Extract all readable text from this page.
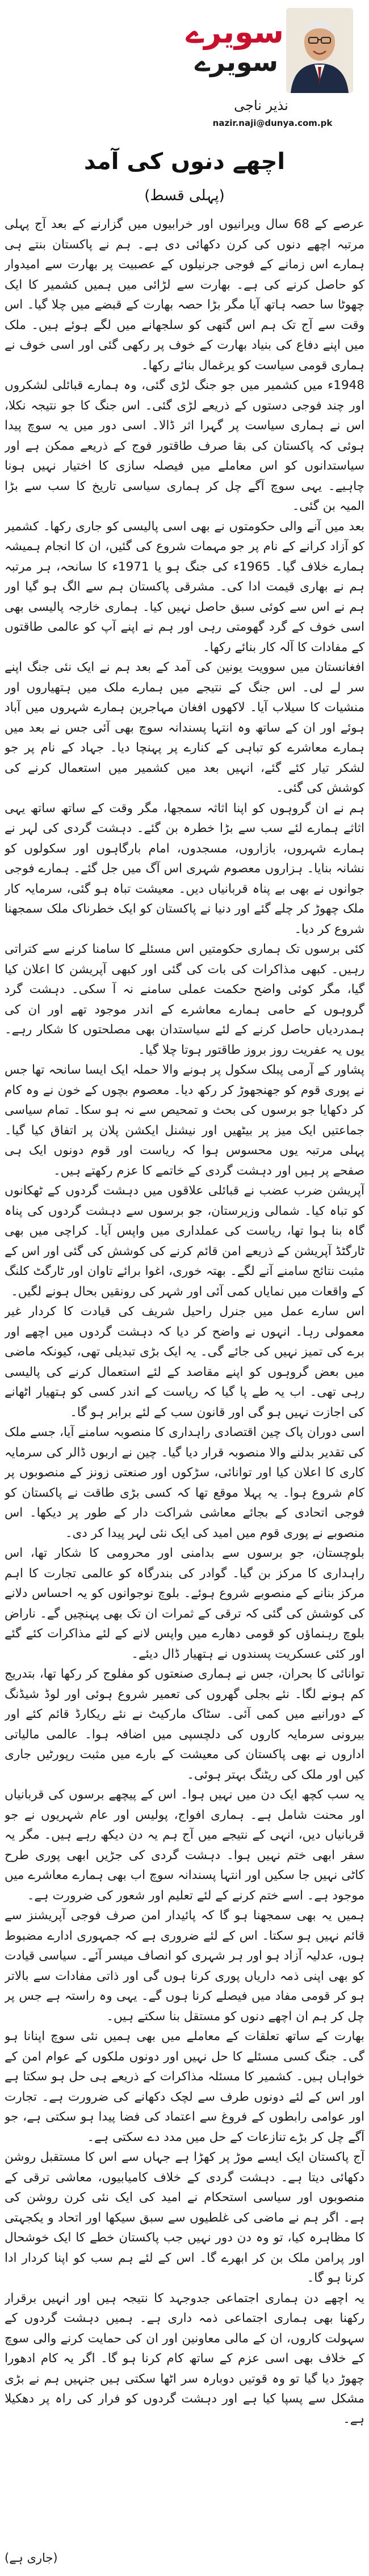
سویرے
سویرے
نذیر ناجی
nazir.naji@dunya.com.pk
اچھے دنوں کی آمد
(پہلی قسط)

عرصے کے 68 سال ویرانیوں اور خرابیوں میں گزارنے کے بعد آج پہلی مرتبہ اچھے دنوں کی کرن دکھائی دی ہے۔ ہم نے پاکستان بنتے ہی ہمارے اس زمانے کے فوجی جرنیلوں کے عصبیت پر بھارت سے امیدوار کو حاصل کرنے کی ہے۔ بھارت سے لڑائی میں ہمیں کشمیر کا ایک چھوٹا سا حصہ ہاتھ آیا مگر بڑا حصہ بھارت کے قبضے میں چلا گیا۔ اس وقت سے آج تک ہم اس گتھی کو سلجھانے میں لگے ہوئے ہیں۔ ملک میں اپنے دفاع کی بنیاد بھارت کے خوف پر رکھی گئی اور اسی خوف نے ہماری قومی سیاست کو یرغمال بنائے رکھا۔

1948ء میں کشمیر میں جو جنگ لڑی گئی، وہ ہمارے قبائلی لشکروں اور چند فوجی دستوں کے ذریعے لڑی گئی۔ اس جنگ کا جو نتیجہ نکلا، اس نے ہماری سیاست پر گہرا اثر ڈالا۔ اسی دور میں یہ سوچ پیدا ہوئی کہ پاکستان کی بقا صرف طاقتور فوج کے ذریعے ممکن ہے اور سیاستدانوں کو اس معاملے میں فیصلہ سازی کا اختیار نہیں ہونا چاہیے۔ یہی سوچ آگے چل کر ہماری سیاسی تاریخ کا سب سے بڑا المیہ بن گئی۔

بعد میں آنے والی حکومتوں نے بھی اسی پالیسی کو جاری رکھا۔ کشمیر کو آزاد کرانے کے نام پر جو مہمات شروع کی گئیں، ان کا انجام ہمیشہ ہمارے خلاف گیا۔ 1965ء کی جنگ ہو یا 1971ء کا سانحہ، ہر مرتبہ ہم نے بھاری قیمت ادا کی۔ مشرقی پاکستان ہم سے الگ ہو گیا اور ہم نے اس سے کوئی سبق حاصل نہیں کیا۔ ہماری خارجہ پالیسی بھی اسی خوف کے گرد گھومتی رہی اور ہم نے اپنے آپ کو عالمی طاقتوں کے مفادات کا آلہ کار بنائے رکھا۔

افغانستان میں سوویت یونین کی آمد کے بعد ہم نے ایک نئی جنگ اپنے سر لے لی۔ اس جنگ کے نتیجے میں ہمارے ملک میں ہتھیاروں اور منشیات کا سیلاب آیا۔ لاکھوں افغان مہاجرین ہمارے شہروں میں آباد ہوئے اور ان کے ساتھ وہ انتہا پسندانہ سوچ بھی آئی جس نے بعد میں ہمارے معاشرے کو تباہی کے کنارے پر پہنچا دیا۔ جہاد کے نام پر جو لشکر تیار کئے گئے، انہیں بعد میں کشمیر میں استعمال کرنے کی کوشش کی گئی۔

ہم نے ان گروہوں کو اپنا اثاثہ سمجھا، مگر وقت کے ساتھ ساتھ یہی اثاثے ہمارے لئے سب سے بڑا خطرہ بن گئے۔ دہشت گردی کی لہر نے ہمارے شہروں، بازاروں، مسجدوں، امام بارگاہوں اور سکولوں کو نشانہ بنایا۔ ہزاروں معصوم شہری اس آگ میں جل گئے۔ ہمارے فوجی جوانوں نے بھی بے پناہ قربانیاں دیں۔ معیشت تباہ ہو گئی، سرمایہ کار ملک چھوڑ کر چلے گئے اور دنیا نے پاکستان کو ایک خطرناک ملک سمجھنا شروع کر دیا۔

کئی برسوں تک ہماری حکومتیں اس مسئلے کا سامنا کرنے سے کتراتی رہیں۔ کبھی مذاکرات کی بات کی گئی اور کبھی آپریشن کا اعلان کیا گیا، مگر کوئی واضح حکمت عملی سامنے نہ آ سکی۔ دہشت گرد گروہوں کے حامی ہمارے معاشرے کے اندر موجود تھے اور ان کی ہمدردیاں حاصل کرنے کے لئے سیاستدان بھی مصلحتوں کا شکار رہے۔ یوں یہ عفریت روز بروز طاقتور ہوتا چلا گیا۔

پشاور کے آرمی پبلک سکول پر ہونے والا حملہ ایک ایسا سانحہ تھا جس نے پوری قوم کو جھنجھوڑ کر رکھ دیا۔ معصوم بچوں کے خون نے وہ کام کر دکھایا جو برسوں کی بحث و تمحیص سے نہ ہو سکا۔ تمام سیاسی جماعتیں ایک میز پر بیٹھیں اور نیشنل ایکشن پلان پر اتفاق کیا گیا۔ پہلی مرتبہ یوں محسوس ہوا کہ ریاست اور قوم دونوں ایک ہی صفحے پر ہیں اور دہشت گردی کے خاتمے کا عزم رکھتے ہیں۔

آپریشن ضرب عضب نے قبائلی علاقوں میں دہشت گردوں کے ٹھکانوں کو تباہ کیا۔ شمالی وزیرستان، جو برسوں سے دہشت گردوں کی پناہ گاہ بنا ہوا تھا، ریاست کی عملداری میں واپس آیا۔ کراچی میں بھی ٹارگٹڈ آپریشن کے ذریعے امن قائم کرنے کی کوشش کی گئی اور اس کے مثبت نتائج سامنے آنے لگے۔ بھتہ خوری، اغوا برائے تاوان اور ٹارگٹ کلنگ کے واقعات میں نمایاں کمی آئی اور شہر کی رونقیں بحال ہونے لگیں۔

اس سارے عمل میں جنرل راحیل شریف کی قیادت کا کردار غیر معمولی رہا۔ انہوں نے واضح کر دیا کہ دہشت گردوں میں اچھے اور برے کی تمیز نہیں کی جائے گی۔ یہ ایک بڑی تبدیلی تھی، کیونکہ ماضی میں بعض گروہوں کو اپنے مقاصد کے لئے استعمال کرنے کی پالیسی رہی تھی۔ اب یہ طے پا گیا کہ ریاست کے اندر کسی کو ہتھیار اٹھانے کی اجازت نہیں ہو گی اور قانون سب کے لئے برابر ہو گا۔

اسی دوران پاک چین اقتصادی راہداری کا منصوبہ سامنے آیا، جسے ملک کی تقدیر بدلنے والا منصوبہ قرار دیا گیا۔ چین نے اربوں ڈالر کی سرمایہ کاری کا اعلان کیا اور توانائی، سڑکوں اور صنعتی زونز کے منصوبوں پر کام شروع ہوا۔ یہ پہلا موقع تھا کہ کسی بڑی طاقت نے پاکستان کو فوجی اتحادی کے بجائے معاشی شراکت دار کے طور پر دیکھا۔ اس منصوبے نے پوری قوم میں امید کی ایک نئی لہر پیدا کر دی۔

بلوچستان، جو برسوں سے بدامنی اور محرومی کا شکار تھا، اس راہداری کا مرکز بن گیا۔ گوادر کی بندرگاہ کو عالمی تجارت کا اہم مرکز بنانے کے منصوبے شروع ہوئے۔ بلوچ نوجوانوں کو یہ احساس دلانے کی کوشش کی گئی کہ ترقی کے ثمرات ان تک بھی پہنچیں گے۔ ناراض بلوچ رہنماؤں کو قومی دھارے میں واپس لانے کے لئے مذاکرات کئے گئے اور کئی عسکریت پسندوں نے ہتھیار ڈال دیئے۔

توانائی کا بحران، جس نے ہماری صنعتوں کو مفلوج کر رکھا تھا، بتدریج کم ہونے لگا۔ نئے بجلی گھروں کی تعمیر شروع ہوئی اور لوڈ شیڈنگ کے دورانیے میں کمی آئی۔ سٹاک مارکیٹ نے نئے ریکارڈ قائم کئے اور بیرونی سرمایہ کاروں کی دلچسپی میں اضافہ ہوا۔ عالمی مالیاتی اداروں نے بھی پاکستان کی معیشت کے بارے میں مثبت رپورٹیں جاری کیں اور ملک کی ریٹنگ بہتر ہوئی۔

یہ سب کچھ ایک دن میں نہیں ہوا۔ اس کے پیچھے برسوں کی قربانیاں اور محنت شامل ہے۔ ہماری افواج، پولیس اور عام شہریوں نے جو قربانیاں دیں، انہی کے نتیجے میں آج ہم یہ دن دیکھ رہے ہیں۔ مگر یہ سفر ابھی ختم نہیں ہوا۔ دہشت گردی کی جڑیں ابھی پوری طرح کاٹی نہیں جا سکیں اور انتہا پسندانہ سوچ اب بھی ہمارے معاشرے میں موجود ہے۔ اسے ختم کرنے کے لئے تعلیم اور شعور کی ضرورت ہے۔

ہمیں یہ بھی سمجھنا ہو گا کہ پائیدار امن صرف فوجی آپریشنز سے قائم نہیں ہو سکتا۔ اس کے لئے ضروری ہے کہ جمہوری ادارے مضبوط ہوں، عدلیہ آزاد ہو اور ہر شہری کو انصاف میسر آئے۔ سیاسی قیادت کو بھی اپنی ذمہ داریاں پوری کرنا ہوں گی اور ذاتی مفادات سے بالاتر ہو کر قومی مفاد میں فیصلے کرنا ہوں گے۔ یہی وہ راستہ ہے جس پر چل کر ہم ان اچھے دنوں کو مستقل بنا سکتے ہیں۔

بھارت کے ساتھ تعلقات کے معاملے میں بھی ہمیں نئی سوچ اپنانا ہو گی۔ جنگ کسی مسئلے کا حل نہیں اور دونوں ملکوں کے عوام امن کے خواہاں ہیں۔ کشمیر کا مسئلہ مذاکرات کے ذریعے ہی حل ہو سکتا ہے اور اس کے لئے دونوں طرف سے لچک دکھانے کی ضرورت ہے۔ تجارت اور عوامی رابطوں کے فروغ سے اعتماد کی فضا پیدا ہو سکتی ہے، جو آگے چل کر بڑے تنازعات کے حل میں مدد دے سکتی ہے۔

آج پاکستان ایک ایسے موڑ پر کھڑا ہے جہاں سے اس کا مستقبل روشن دکھائی دیتا ہے۔ دہشت گردی کے خلاف کامیابیوں، معاشی ترقی کے منصوبوں اور سیاسی استحکام نے امید کی ایک نئی کرن روشن کی ہے۔ اگر ہم نے ماضی کی غلطیوں سے سبق سیکھا اور اتحاد و یکجہتی کا مظاہرہ کیا، تو وہ دن دور نہیں جب پاکستان خطے کا ایک خوشحال اور پرامن ملک بن کر ابھرے گا۔ اس کے لئے ہم سب کو اپنا کردار ادا کرنا ہو گا۔

یہ اچھے دن ہماری اجتماعی جدوجہد کا نتیجہ ہیں اور انہیں برقرار رکھنا بھی ہماری اجتماعی ذمہ داری ہے۔ ہمیں دہشت گردوں کے سہولت کاروں، ان کے مالی معاونین اور ان کی حمایت کرنے والی سوچ کے خلاف بھی اسی عزم کے ساتھ کام کرنا ہو گا۔ اگر یہ کام ادھورا چھوڑ دیا گیا تو وہ قوتیں دوبارہ سر اٹھا سکتی ہیں جنہیں ہم نے بڑی مشکل سے پسپا کیا ہے اور دہشت گردوں کو فرار کی راہ پر دھکیلا ہے۔

(جاری ہے)
